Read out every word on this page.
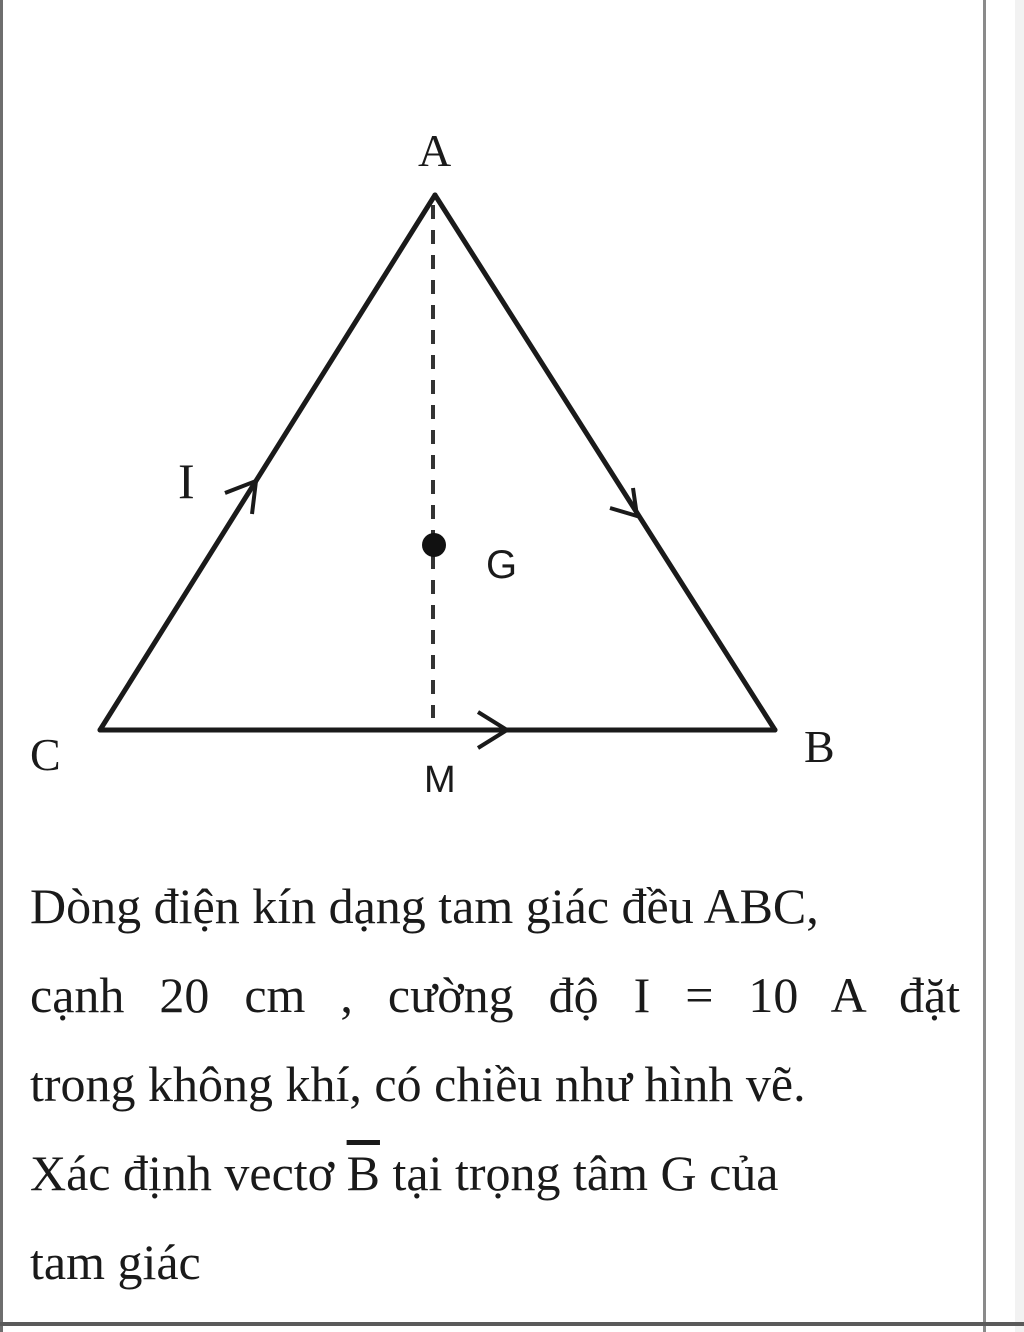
A
B
C
G
M
I
Dòng điện kín dạng tam giác đều ABC,
cạnh 20 cm , cường độ I = 10 A đặt
trong không khí, có chiều như hình vẽ.
Xác định vectơ $\overline{B}$ tại trọng tâm G của
tam giác
